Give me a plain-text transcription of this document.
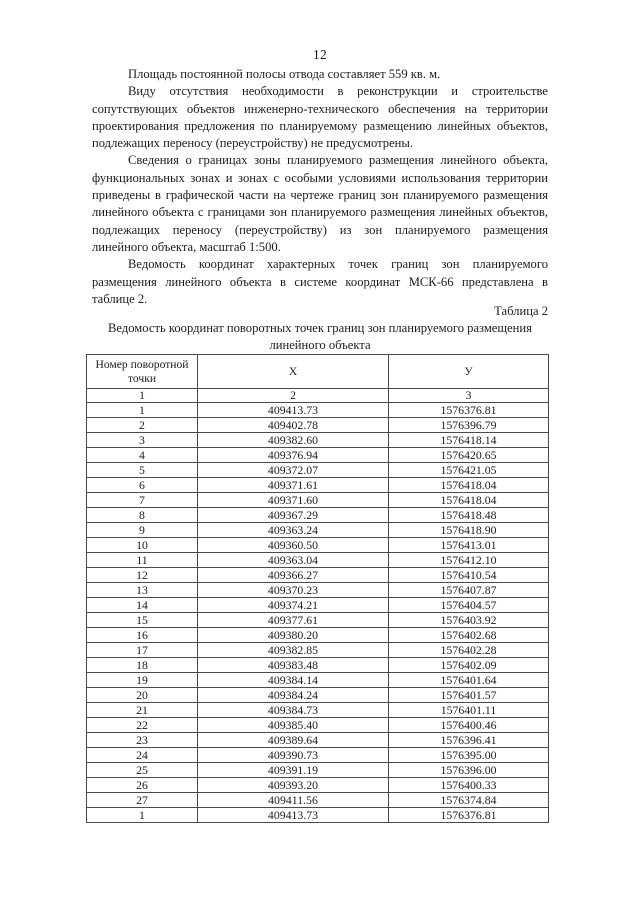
12

Площадь постоянной полосы отвода составляет 559 кв. м.

Виду отсутствия необходимости в реконструкции и строительстве сопутствующих объектов инженерно-технического обеспечения на территории проектирования предложения по планируемому размещению линейных объектов, подлежащих переносу (переустройству) не предусмотрены.

Сведения о границах зоны планируемого размещения линейного объекта, функциональных зонах и зонах с особыми условиями использования территории приведены в графической части на чертеже границ зон планируемого размещения линейного объекта с границами зон планируемого размещения линейных объектов, подлежащих переносу (переустройству) из зон планируемого размещения линейного объекта, масштаб 1:500.

Ведомость координат характерных точек границ зон планируемого размещения линейного объекта в системе координат МСК-66 представлена в таблице 2.

Таблица 2
Ведомость координат поворотных точек границ зон планируемого размещения линейного объекта
Номер поворотной точки	X	У
1	2	3
1	409413.73	1576376.81
2	409402.78	1576396.79
3	409382.60	1576418.14
4	409376.94	1576420.65
5	409372.07	1576421.05
6	409371.61	1576418.04
7	409371.60	1576418.04
8	409367.29	1576418.48
9	409363.24	1576418.90
10	409360.50	1576413.01
11	409363.04	1576412.10
12	409366.27	1576410.54
13	409370.23	1576407.87
14	409374.21	1576404.57
15	409377.61	1576403.92
16	409380.20	1576402.68
17	409382.85	1576402.28
18	409383.48	1576402.09
19	409384.14	1576401.64
20	409384.24	1576401.57
21	409384.73	1576401.11
22	409385.40	1576400.46
23	409389.64	1576396.41
24	409390.73	1576395.00
25	409391.19	1576396.00
26	409393.20	1576400.33
27	409411.56	1576374.84
1	409413.73	1576376.81
